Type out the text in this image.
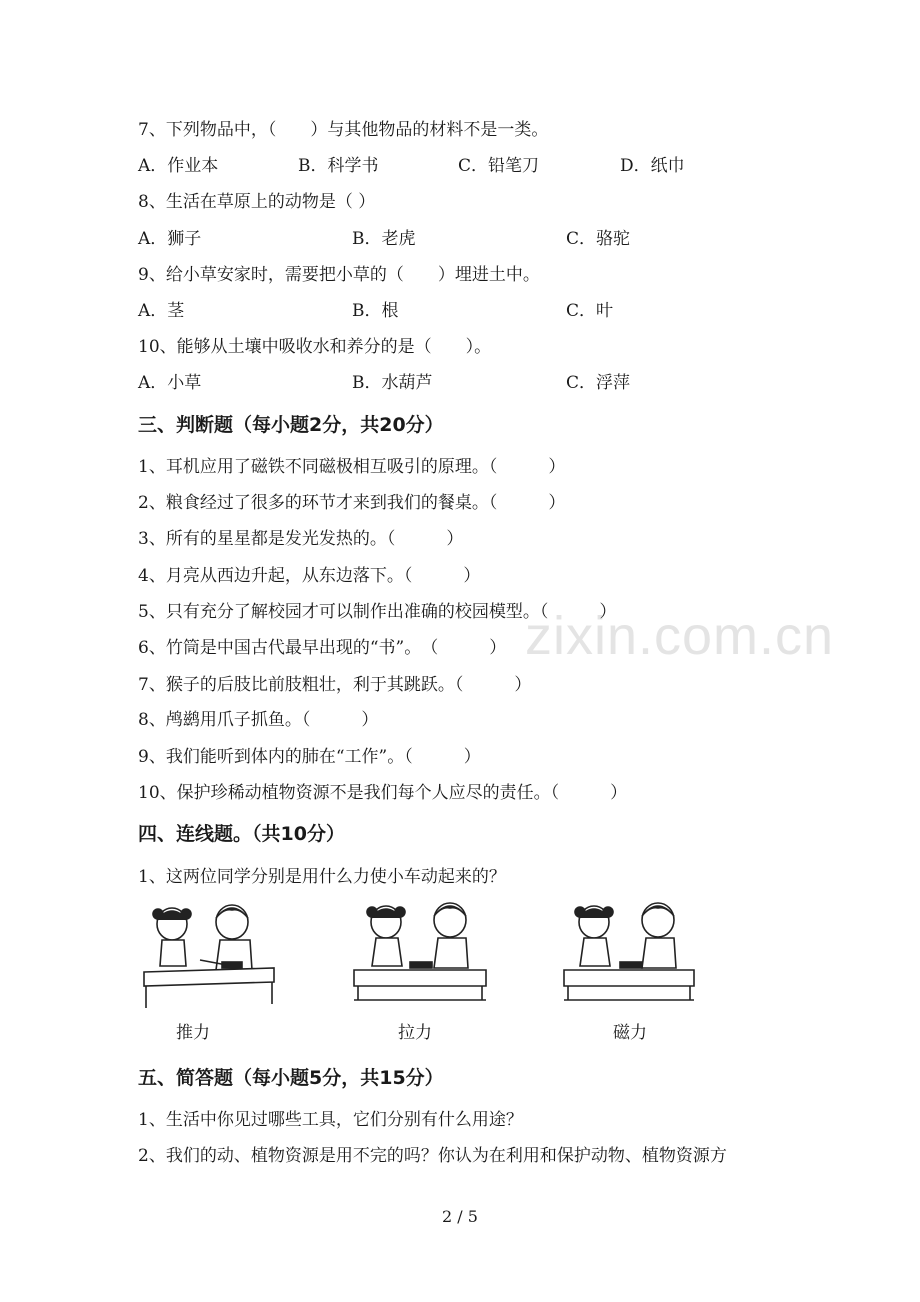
zixin.com.cn
7、下列物品中，（　　）与其他物品的材料不是一类。
A．作业本	B．科学书	C．铅笔刀	D．纸巾
8、生活在草原上的动物是（ ）
A．狮子	B．老虎	C．骆驼
9、给小草安家时，需要把小草的（　　）埋进土中。
A．茎	B．根	C．叶
10、能够从土壤中吸收水和养分的是（　　）。
A．小草	B．水葫芦	C．浮萍
三、判断题（每小题2分，共20分）
1、耳机应用了磁铁不同磁极相互吸引的原理。（　　　）
2、粮食经过了很多的环节才来到我们的餐桌。（　　　）
3、所有的星星都是发光发热的。（　　　）
4、月亮从西边升起，从东边落下。（　　　）
5、只有充分了解校园才可以制作出准确的校园模型。（　　　）
6、竹筒是中国古代最早出现的“书”。　（　　　）
7、猴子的后肢比前肢粗壮，利于其跳跃。（　　　）
8、鸬鹚用爪子抓鱼。（　　　）
9、我们能听到体内的肺在“工作”。（　　　）
10、保护珍稀动植物资源不是我们每个人应尽的责任。（　　　）
四、连线题。（共10分）
1、这两位同学分别是用什么力使小车动起来的？
推力	拉力	磁力
五、简答题（每小题5分，共15分）
1、生活中你见过哪些工具，它们分别有什么用途？
2、我们的动、植物资源是用不完的吗？你认为在利用和保护动物、植物资源方
2 / 5
